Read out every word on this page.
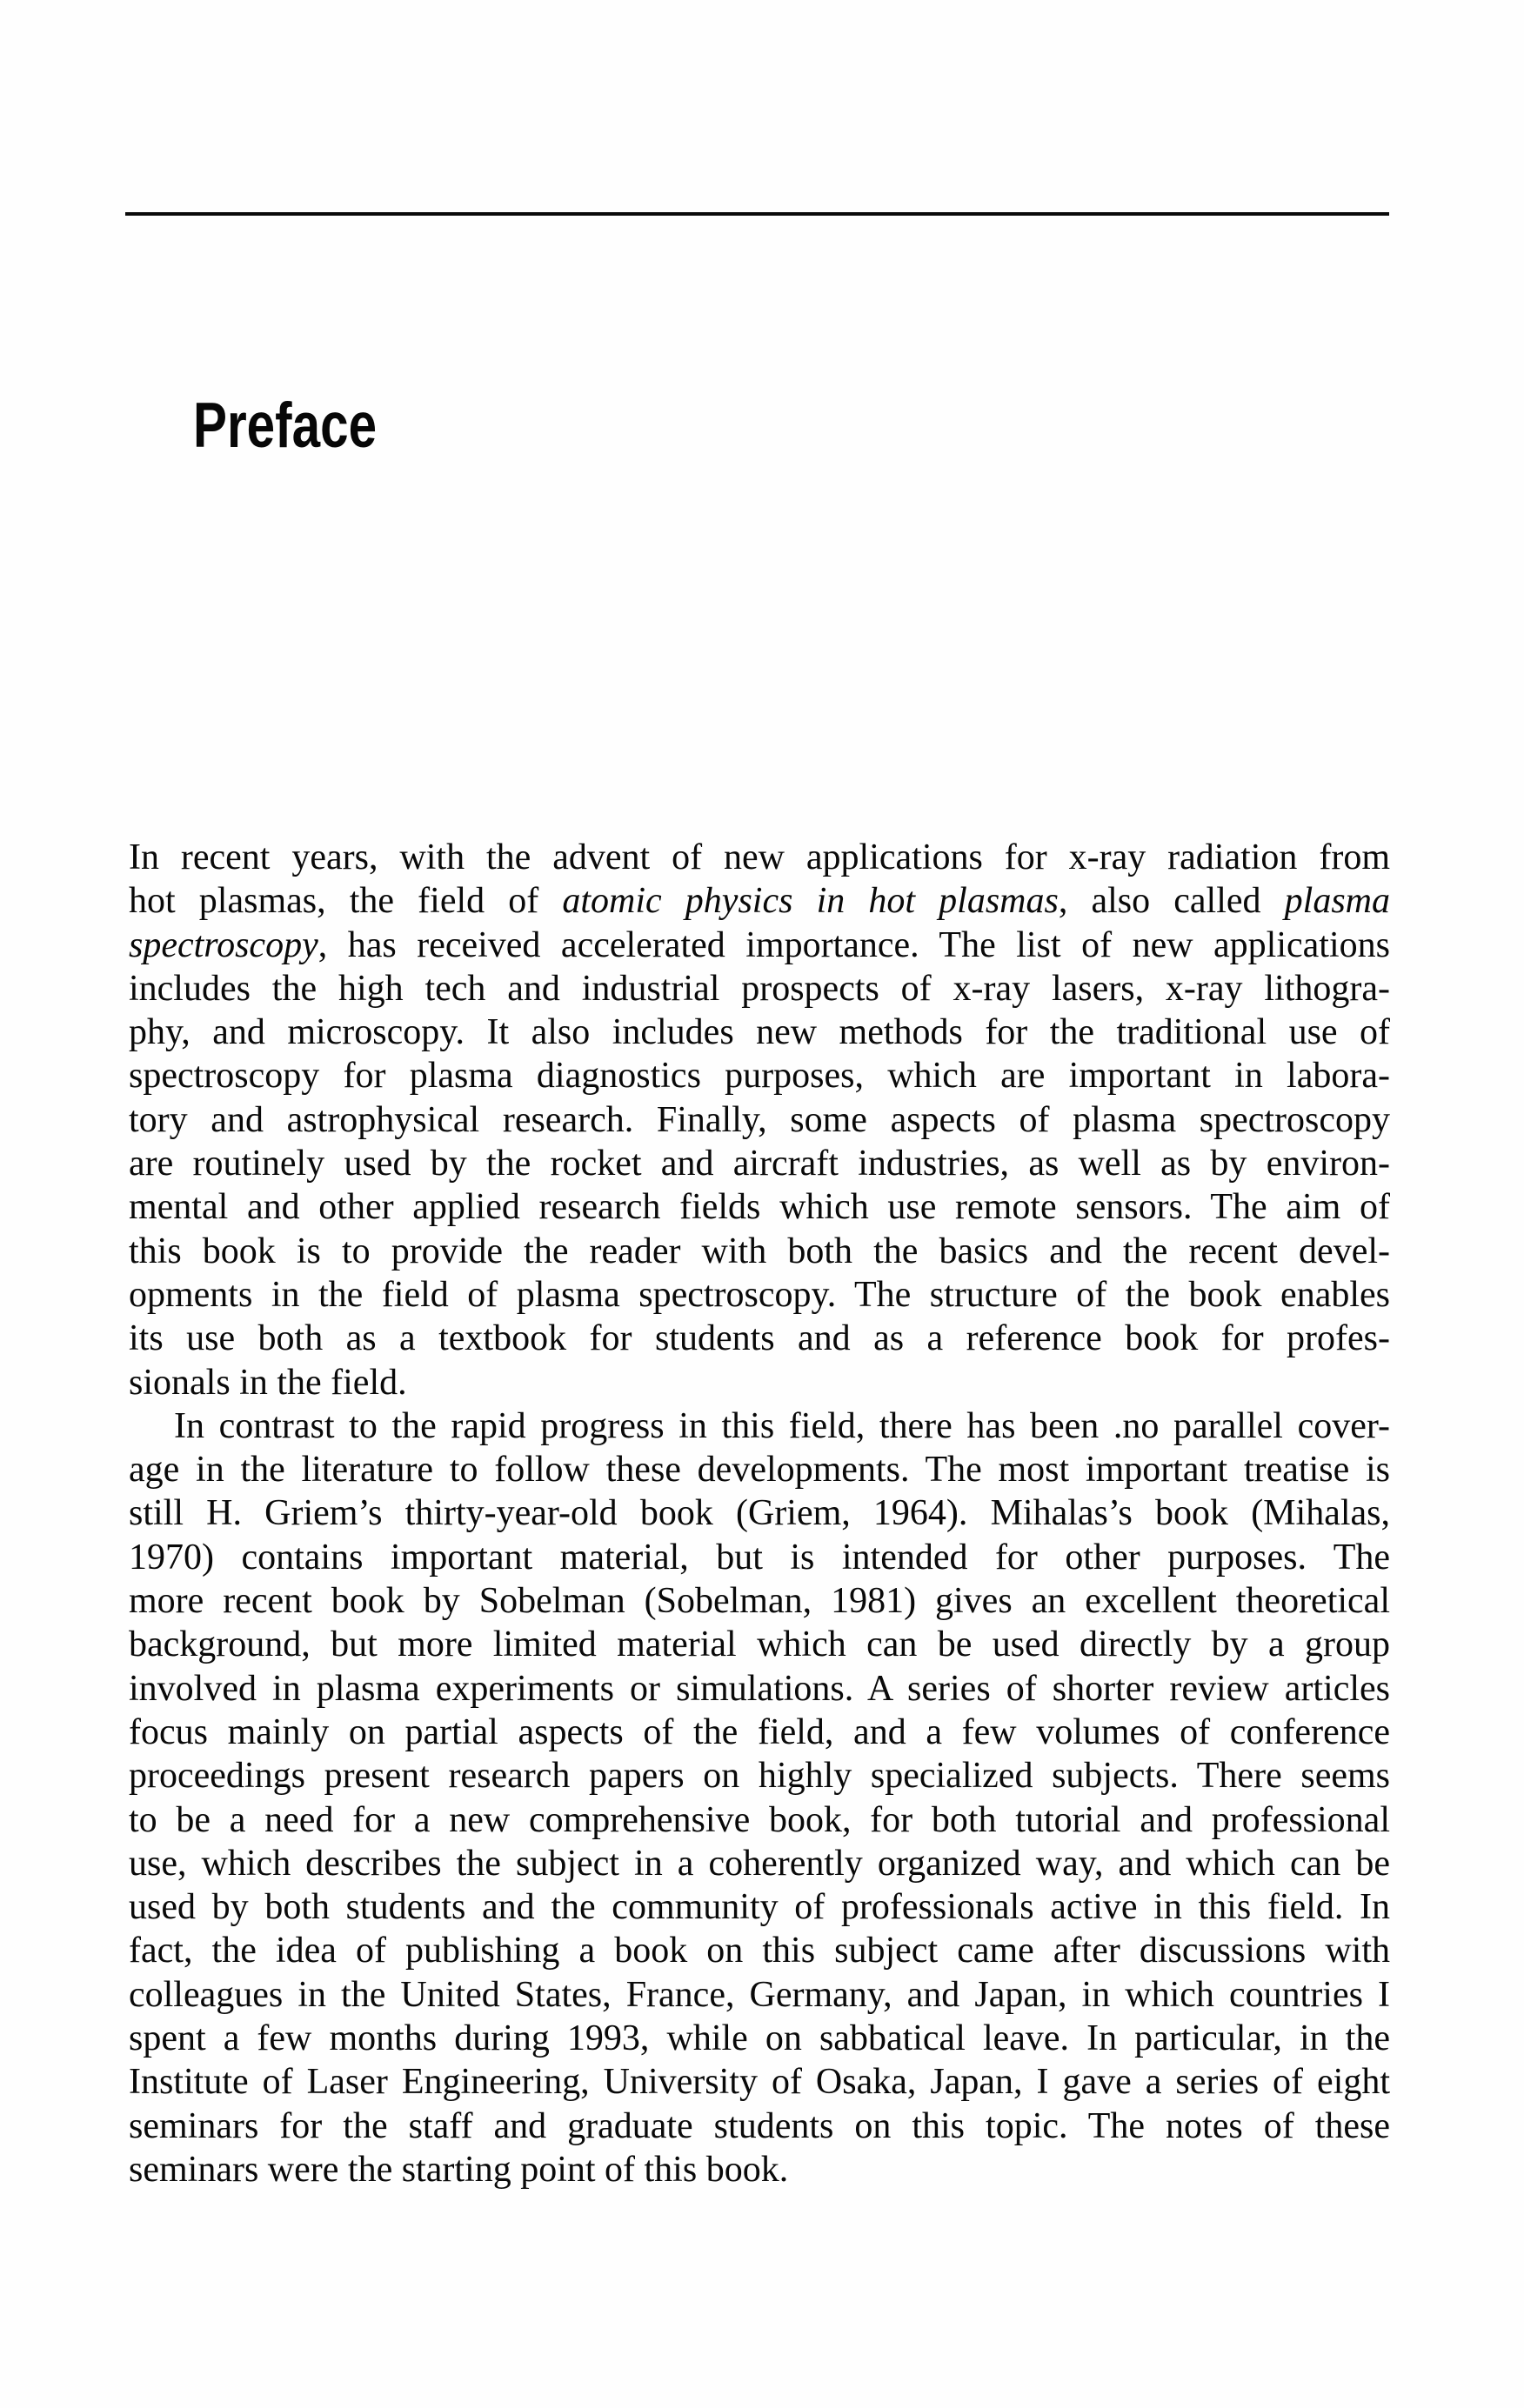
Preface
In recent years, with the advent of new applications for x-ray radiation from
hot plasmas, the field of atomic physics in hot plasmas, also called plasma
spectroscopy, has received accelerated importance. The list of new applications
includes the high tech and industrial prospects of x-ray lasers, x-ray lithogra-
phy, and microscopy. It also includes new methods for the traditional use of
spectroscopy for plasma diagnostics purposes, which are important in labora-
tory and astrophysical research. Finally, some aspects of plasma spectroscopy
are routinely used by the rocket and aircraft industries, as well as by environ-
mental and other applied research fields which use remote sensors. The aim of
this book is to provide the reader with both the basics and the recent devel-
opments in the field of plasma spectroscopy. The structure of the book enables
its use both as a textbook for students and as a reference book for profes-
sionals in the field.
In contrast to the rapid progress in this field, there has been .no parallel cover-
age in the literature to follow these developments. The most important treatise is
still H. Griem’s thirty-year-old book (Griem, 1964). Mihalas’s book (Mihalas,
1970) contains important material, but is intended for other purposes. The
more recent book by Sobelman (Sobelman, 1981) gives an excellent theoretical
background, but more limited material which can be used directly by a group
involved in plasma experiments or simulations. A series of shorter review articles
focus mainly on partial aspects of the field, and a few volumes of conference
proceedings present research papers on highly specialized subjects. There seems
to be a need for a new comprehensive book, for both tutorial and professional
use, which describes the subject in a coherently organized way, and which can be
used by both students and the community of professionals active in this field. In
fact, the idea of publishing a book on this subject came after discussions with
colleagues in the United States, France, Germany, and Japan, in which countries I
spent a few months during 1993, while on sabbatical leave. In particular, in the
Institute of Laser Engineering, University of Osaka, Japan, I gave a series of eight
seminars for the staff and graduate students on this topic. The notes of these
seminars were the starting point of this book.
